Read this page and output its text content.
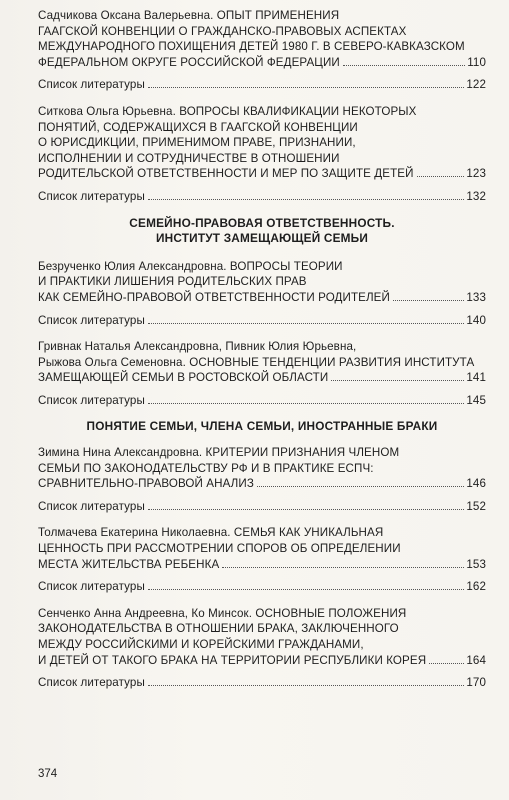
Садчикова Оксана Валерьевна. ОПЫТ ПРИМЕНЕНИЯ
ГААГСКОЙ КОНВЕНЦИИ О ГРАЖДАНСКО-ПРАВОВЫХ АСПЕКТАХ
МЕЖДУНАРОДНОГО ПОХИЩЕНИЯ ДЕТЕЙ 1980 Г. В СЕВЕРО-КАВКАЗСКОМ
ФЕДЕРАЛЬНОМ ОКРУГЕ РОССИЙСКОЙ ФЕДЕРАЦИИ	110
Список литературы	122
Ситкова Ольга Юрьевна. ВОПРОСЫ КВАЛИФИКАЦИИ НЕКОТОРЫХ
ПОНЯТИЙ, СОДЕРЖАЩИХСЯ В ГААГСКОЙ КОНВЕНЦИИ
О ЮРИСДИКЦИИ, ПРИМЕНИМОМ ПРАВЕ, ПРИЗНАНИИ,
ИСПОЛНЕНИИ И СОТРУДНИЧЕСТВЕ В ОТНОШЕНИИ
РОДИТЕЛЬСКОЙ ОТВЕТСТВЕННОСТИ И МЕР ПО ЗАЩИТЕ ДЕТЕЙ	123
Список литературы	132
СЕМЕЙНО-ПРАВОВАЯ ОТВЕТСТВЕННОСТЬ.
ИНСТИТУТ ЗАМЕЩАЮЩЕЙ СЕМЬИ
Безрученко Юлия Александровна. ВОПРОСЫ ТЕОРИИ
И ПРАКТИКИ ЛИШЕНИЯ РОДИТЕЛЬСКИХ ПРАВ
КАК СЕМЕЙНО-ПРАВОВОЙ ОТВЕТСТВЕННОСТИ РОДИТЕЛЕЙ	133
Список литературы	140
Гривнак Наталья Александровна, Пивник Юлия Юрьевна,
Рыжова Ольга Семеновна. ОСНОВНЫЕ ТЕНДЕНЦИИ РАЗВИТИЯ ИНСТИТУТА
ЗАМЕЩАЮЩЕЙ СЕМЬИ В РОСТОВСКОЙ ОБЛАСТИ	141
Список литературы	145
ПОНЯТИЕ СЕМЬИ, ЧЛЕНА СЕМЬИ, ИНОСТРАННЫЕ БРАКИ
Зимина Нина Александровна. КРИТЕРИИ ПРИЗНАНИЯ ЧЛЕНОМ
СЕМЬИ ПО ЗАКОНОДАТЕЛЬСТВУ РФ И В ПРАКТИКЕ ЕСПЧ:
СРАВНИТЕЛЬНО-ПРАВОВОЙ АНАЛИЗ	146
Список литературы	152
Толмачева Екатерина Николаевна. СЕМЬЯ КАК УНИКАЛЬНАЯ
ЦЕННОСТЬ ПРИ РАССМОТРЕНИИ СПОРОВ ОБ ОПРЕДЕЛЕНИИ
МЕСТА ЖИТЕЛЬСТВА РЕБЕНКА	153
Список литературы	162
Сенченко Анна Андреевна, Ко Минсок. ОСНОВНЫЕ ПОЛОЖЕНИЯ
ЗАКОНОДАТЕЛЬСТВА В ОТНОШЕНИИ БРАКА, ЗАКЛЮЧЕННОГО
МЕЖДУ РОССИЙСКИМИ И КОРЕЙСКИМИ ГРАЖДАНАМИ,
И ДЕТЕЙ ОТ ТАКОГО БРАКА НА ТЕРРИТОРИИ РЕСПУБЛИКИ КОРЕЯ	164
Список литературы	170
374
